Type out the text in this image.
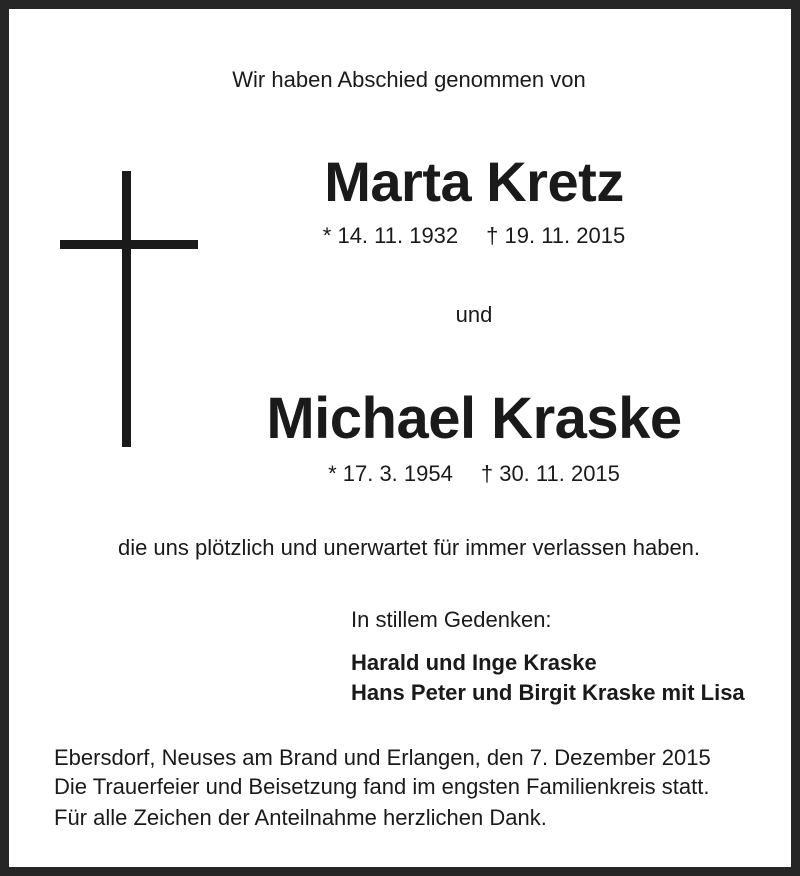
Wir haben Abschied genommen von
Marta Kretz
* 14. 11. 1932 † 19. 11. 2015
und
Michael Kraske
* 17. 3. 1954 † 30. 11. 2015
die uns plötzlich und unerwartet für immer verlassen haben.
In stillem Gedenken:
Harald und Inge Kraske
Hans Peter und Birgit Kraske mit Lisa
Ebersdorf, Neuses am Brand und Erlangen, den 7. Dezember 2015
Die Trauerfeier und Beisetzung fand im engsten Familienkreis statt.
Für alle Zeichen der Anteilnahme herzlichen Dank.
